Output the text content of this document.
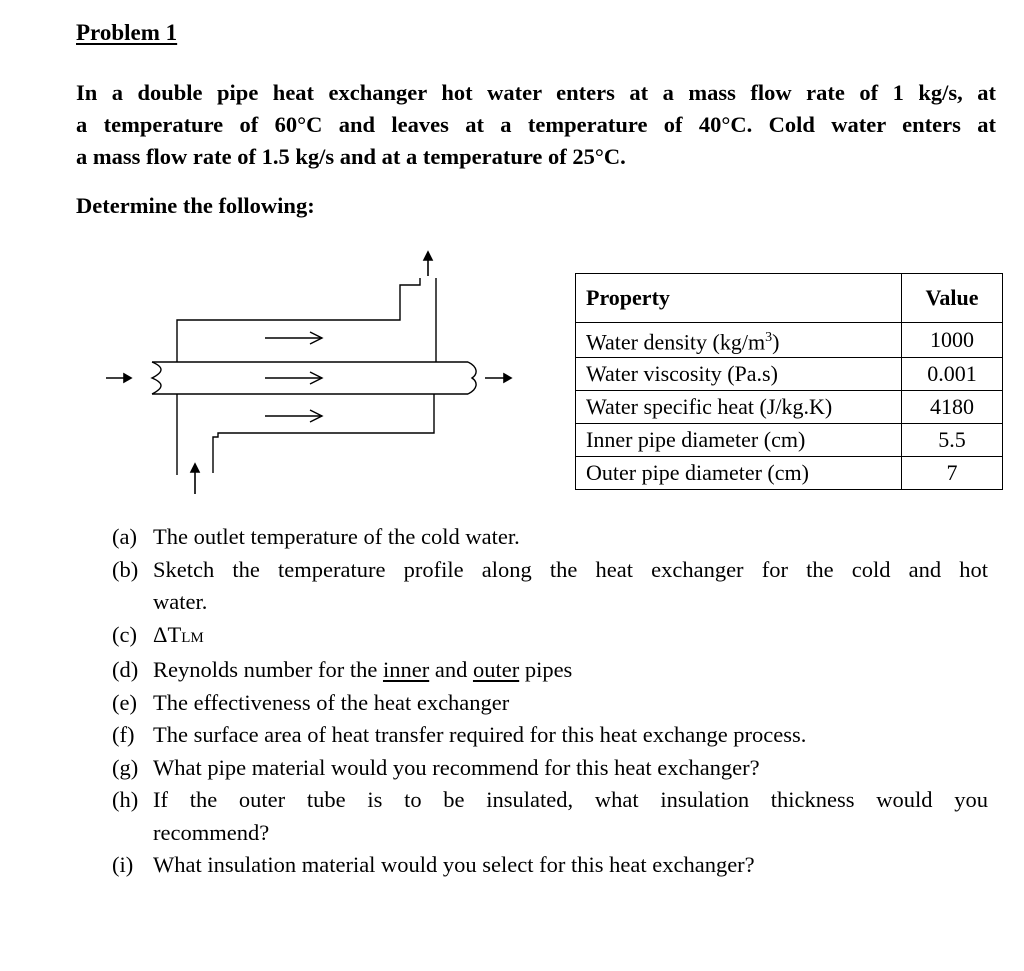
Problem 1

In a double pipe heat exchanger hot water enters at a mass flow rate of 1 kg/s, at
a temperature of 60°C and leaves at a temperature of 40°C. Cold water enters at
a mass flow rate of 1.5 kg/s and at a temperature of 25°C.

Determine the following:
Property	Value
Water density $(kg/m^3)$	1000
Water viscosity (Pa.s)	0.001
Water specific heat (J/kg.K)	4180
Inner pipe diameter (cm)	5.5
Outer pipe diameter (cm)	7
(a) The outlet temperature of the cold water.
(b) Sketch the temperature profile along the heat exchanger for the cold and hot
water.
(c) ΔTLM
(d) Reynolds number for the inner and outer pipes
(e) The effectiveness of the heat exchanger
(f) The surface area of heat transfer required for this heat exchange process.
(g) What pipe material would you recommend for this heat exchanger?
(h) If the outer tube is to be insulated, what insulation thickness would you
recommend?
(i) What insulation material would you select for this heat exchanger?
